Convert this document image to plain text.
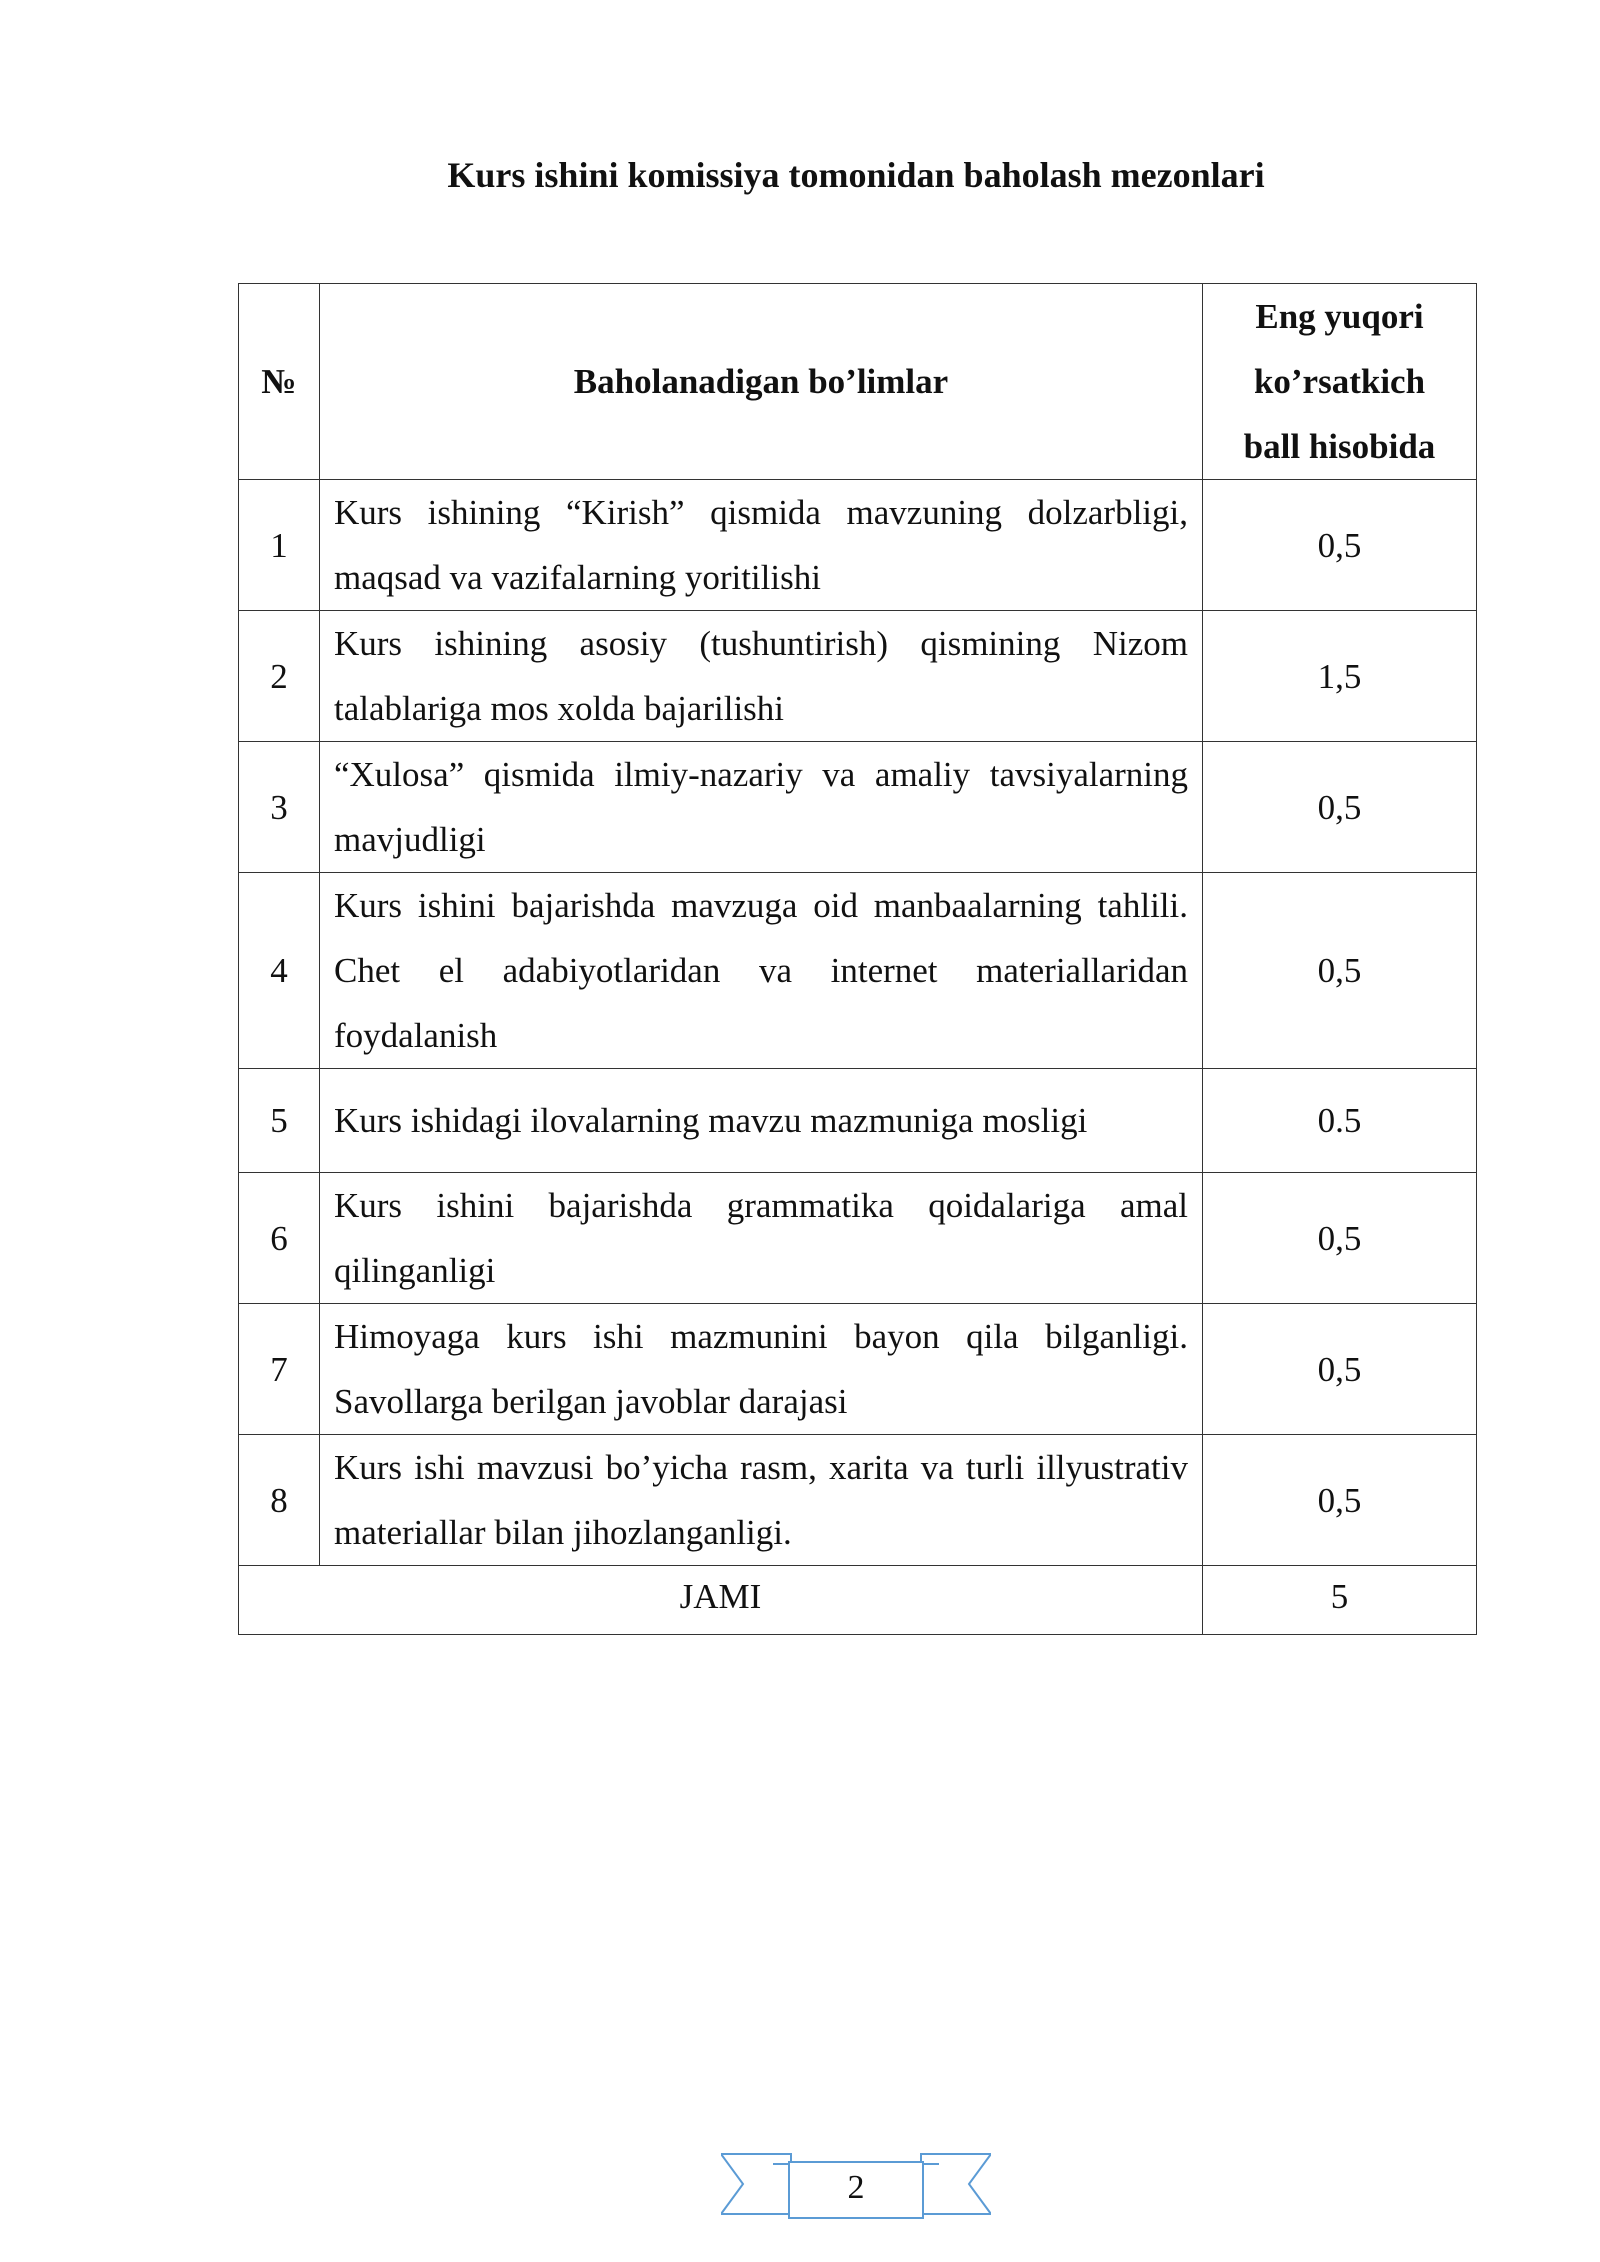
Kurs ishini komissiya tomonidan baholash mezonlari
№	Baholanadigan bo’limlar	Eng yuqori ko’rsatkich ball hisobida

1	Kurs ishining “Kirish” qismida mavzuning dolzarbligi, maqsad va vazifalarning yoritilishi	0,5
2	Kurs ishining asosiy (tushuntirish) qismining Nizom talablariga mos xolda bajarilishi	1,5
3	“Xulosa” qismida ilmiy-nazariy va amaliy tavsiyalarning mavjudligi	0,5
4	Kurs ishini bajarishda mavzuga oid manbaalarning tahlili. Chet el adabiyotlaridan va internet materiallaridan foydalanish	0,5
5	Kurs ishidagi ilovalarning mavzu mazmuniga mosligi	0.5
6	Kurs ishini bajarishda grammatika qoidalariga amal qilinganligi	0,5
7	Himoyaga kurs ishi mazmunini bayon qila bilganligi. Savollarga berilgan javoblar darajasi	0,5
8	Kurs ishi mavzusi bo’yicha rasm, xarita va turli illyustrativ materiallar bilan jihozlanganligi.	0,5

JAMI		5
2
